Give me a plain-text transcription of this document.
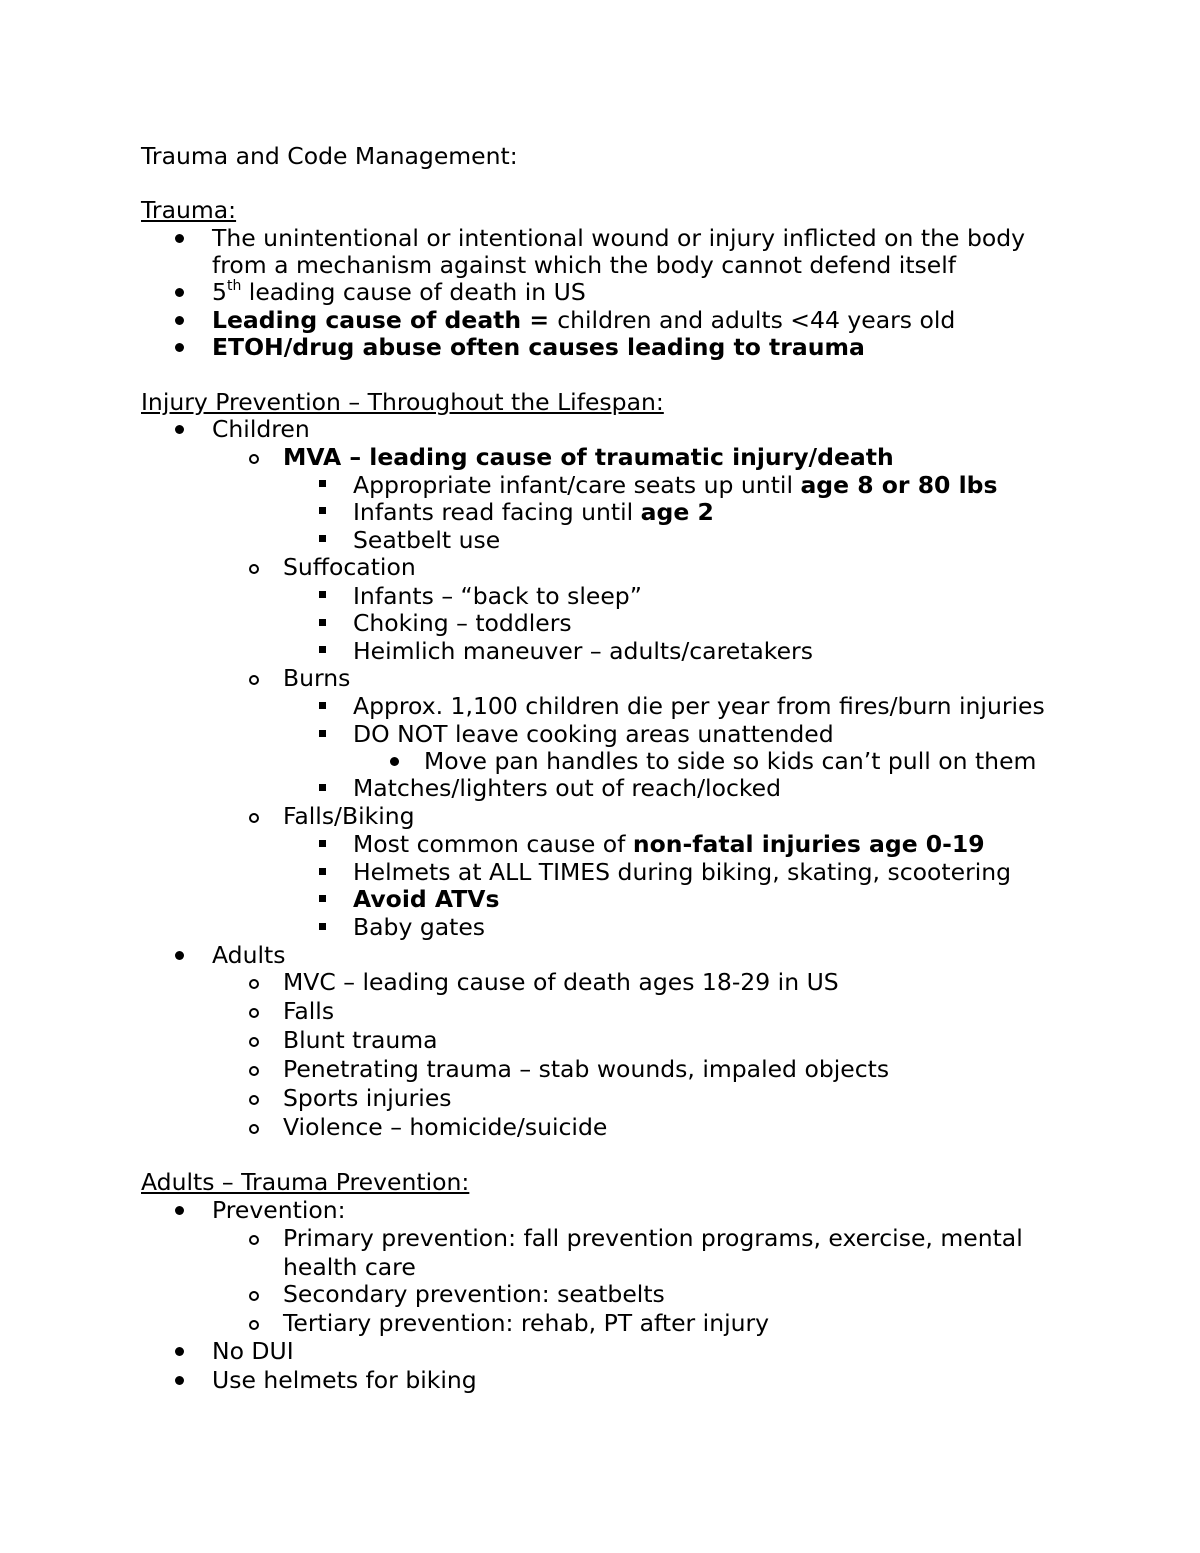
Trauma and Code Management:
Trauma:
The unintentional or intentional wound or injury inflicted on the body
from a mechanism against which the body cannot defend itself
5th leading cause of death in US
Leading cause of death = children and adults <44 years old
ETOH/drug abuse often causes leading to trauma
Injury Prevention – Throughout the Lifespan:
Children
MVA – leading cause of traumatic injury/death
Appropriate infant/care seats up until age 8 or 80 lbs
Infants read facing until age 2
Seatbelt use
Suffocation
Infants – “back to sleep”
Choking – toddlers
Heimlich maneuver – adults/caretakers
Burns
Approx. 1,100 children die per year from fires/burn injuries
DO NOT leave cooking areas unattended
Move pan handles to side so kids can’t pull on them
Matches/lighters out of reach/locked
Falls/Biking
Most common cause of non-fatal injuries age 0-19
Helmets at ALL TIMES during biking, skating, scootering
Avoid ATVs
Baby gates
Adults
MVC – leading cause of death ages 18-29 in US
Falls
Blunt trauma
Penetrating trauma – stab wounds, impaled objects
Sports injuries
Violence – homicide/suicide
Adults – Trauma Prevention:
Prevention:
Primary prevention: fall prevention programs, exercise, mental
health care
Secondary prevention: seatbelts
Tertiary prevention: rehab, PT after injury
No DUI
Use helmets for biking
